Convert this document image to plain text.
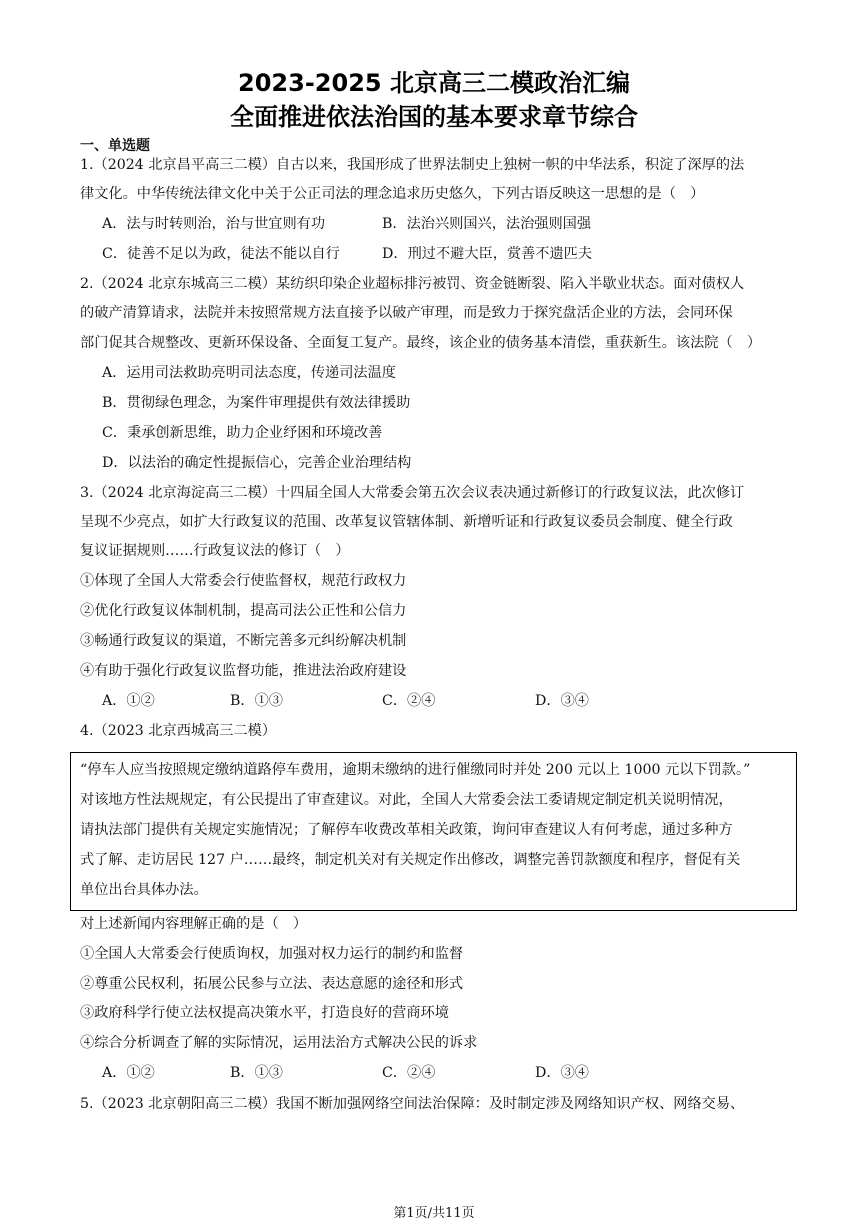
2023-2025 北京高三二模政治汇编
全面推进依法治国的基本要求章节综合
一、单选题
1.（2024 北京昌平高三二模）自古以来，我国形成了世界法制史上独树一帜的中华法系，积淀了深厚的法
律文化。中华传统法律文化中关于公正司法的理念追求历史悠久，下列古语反映这一思想的是（　）
A．法与时转则治，治与世宜则有功	B．法治兴则国兴，法治强则国强
C．徒善不足以为政，徒法不能以自行	D．刑过不避大臣，赏善不遗匹夫
2.（2024 北京东城高三二模）某纺织印染企业超标排污被罚、资金链断裂、陷入半歇业状态。面对债权人
的破产清算请求，法院并未按照常规方法直接予以破产审理，而是致力于探究盘活企业的方法，会同环保
部门促其合规整改、更新环保设备、全面复工复产。最终，该企业的债务基本清偿，重获新生。该法院（　）
A．运用司法救助亮明司法态度，传递司法温度
B．贯彻绿色理念，为案件审理提供有效法律援助
C．秉承创新思维，助力企业纾困和环境改善
D．以法治的确定性提振信心，完善企业治理结构
3.（2024 北京海淀高三二模）十四届全国人大常委会第五次会议表决通过新修订的行政复议法，此次修订
呈现不少亮点，如扩大行政复议的范围、改革复议管辖体制、新增听证和行政复议委员会制度、健全行政
复议证据规则……行政复议法的修订（　）
①体现了全国人大常委会行使监督权，规范行政权力
②优化行政复议体制机制，提高司法公正性和公信力
③畅通行政复议的渠道，不断完善多元纠纷解决机制
④有助于强化行政复议监督功能，推进法治政府建设
A．①②	B．①③	C．②④	D．③④
4.（2023 北京西城高三二模）
“停车人应当按照规定缴纳道路停车费用，逾期未缴纳的进行催缴同时并处 200 元以上 1000 元以下罚款。”
对该地方性法规规定，有公民提出了审查建议。对此，全国人大常委会法工委请规定制定机关说明情况，
请执法部门提供有关规定实施情况；了解停车收费改革相关政策，询问审查建议人有何考虑，通过多种方
式了解、走访居民 127 户……最终，制定机关对有关规定作出修改，调整完善罚款额度和程序，督促有关
单位出台具体办法。
对上述新闻内容理解正确的是（　）
①全国人大常委会行使质询权，加强对权力运行的制约和监督
②尊重公民权利，拓展公民参与立法、表达意愿的途径和形式
③政府科学行使立法权提高决策水平，打造良好的营商环境
④综合分析调查了解的实际情况，运用法治方式解决公民的诉求
A．①②	B．①③	C．②④	D．③④
5.（2023 北京朝阳高三二模）我国不断加强网络空间法治保障：及时制定涉及网络知识产权、网络交易、
第1页/共11页
